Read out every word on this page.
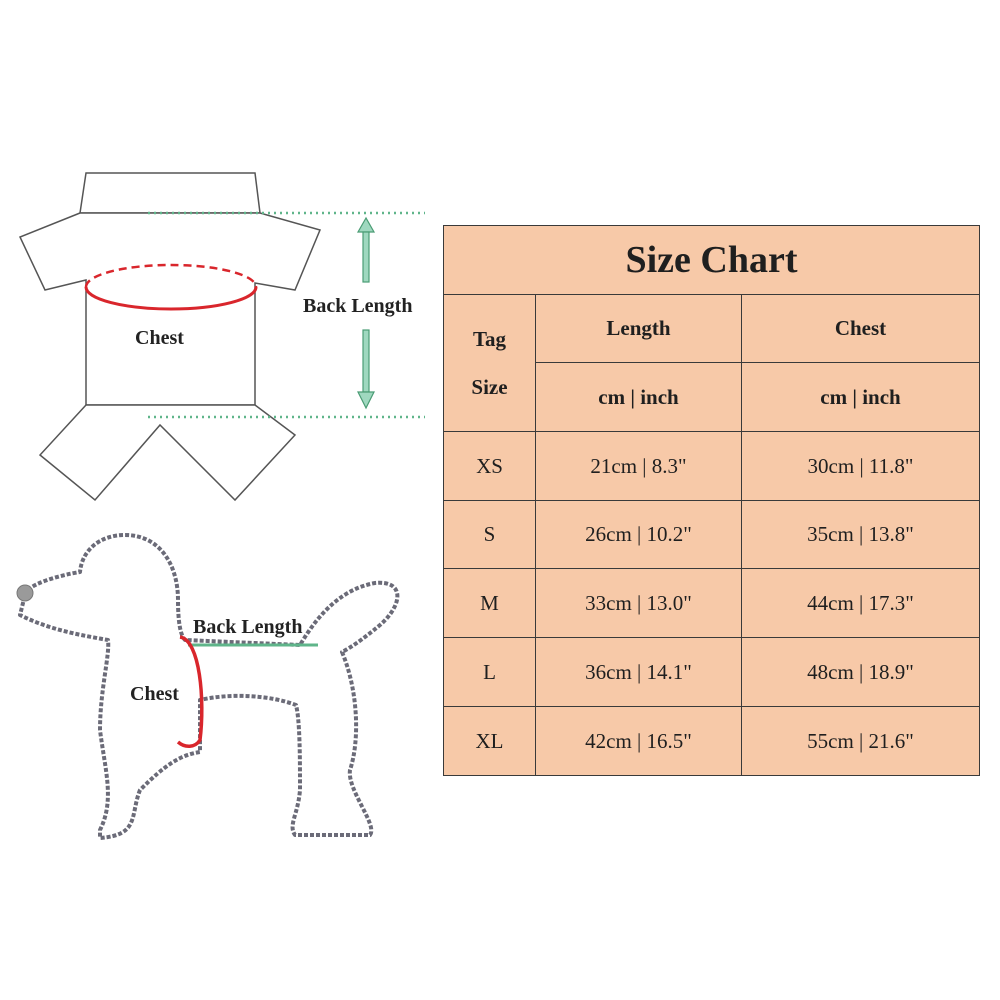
Back Length
Chest
Back Length
Chest
Size Chart		

Tag
Size	Length	Chest
	cm | inch	cm | inch
XS	21cm | 8.3"	30cm | 11.8"
S	26cm | 10.2"	35cm | 13.8"
M	33cm | 13.0"	44cm | 17.3"
L	36cm | 14.1"	48cm | 18.9"
XL	42cm | 16.5"	55cm | 21.6"
